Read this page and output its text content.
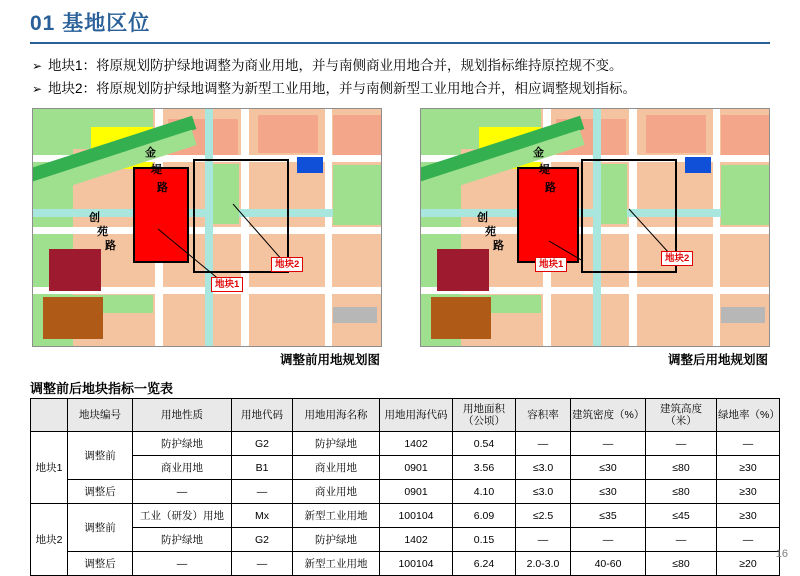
01 基地区位
➢ 地块1：将原规划防护绿地调整为商业用地，并与南侧商业用地合并，规划指标维持原控规不变。
➢ 地块2：将原规划防护绿地调整为新型工业用地，并与南侧新型工业用地合并，相应调整规划指标。
创
苑
路
金
堤
路
地块1
地块2
调整前用地规划图
创
苑
路
金
堤
路
地块1
地块2
调整后用地规划图
调整前后地块指标一览表
	地块编号	用地性质	用地代码	用地用海名称	用地用海代码	用地面积（公顷）	容积率	建筑密度（%）	建筑高度（米）	绿地率（%）
地块1	调整前	防护绿地	G2	防护绿地	1402	0.54	—	—	—	—
		商业用地	B1	商业用地	0901	3.56	≤3.0	≤30	≤80	≥30
	调整后	—	—	商业用地	0901	4.10	≤3.0	≤30	≤80	≥30
地块2	调整前	工业（研发）用地	Mx	新型工业用地	100104	6.09	≤2.5	≤35	≤45	≥30
		防护绿地	G2	防护绿地	1402	0.15	—	—	—	—
	调整后	—	—	新型工业用地	100104	6.24	2.0-3.0	40-60	≤80	≥20
16
